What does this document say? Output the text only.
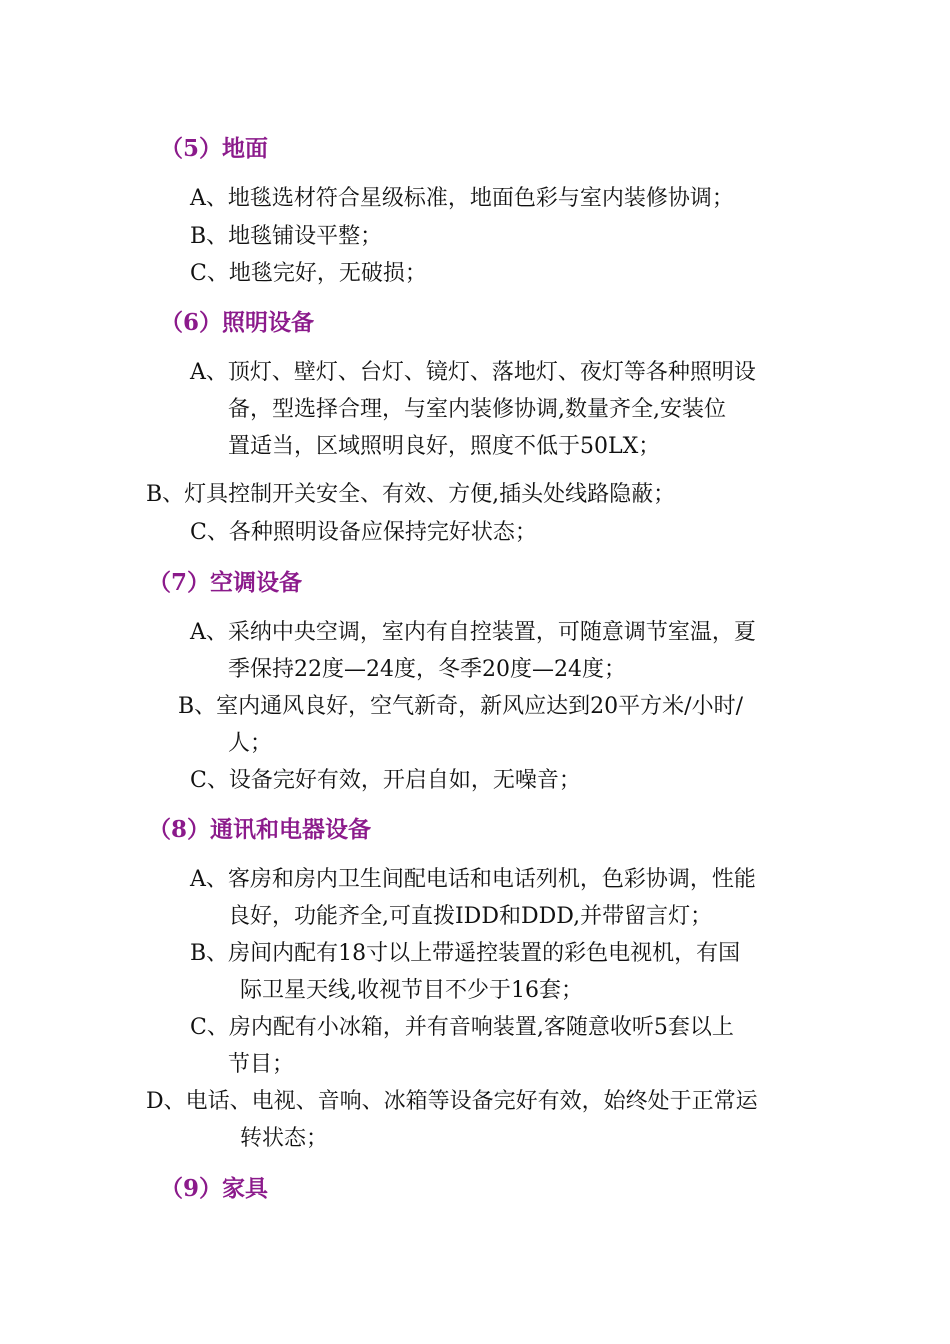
（5）地面

A、地毯选材符合星级标准，地面色彩与室内装修协调；

B、地毯铺设平整；

C、地毯完好，无破损；

（6）照明设备

A、顶灯、壁灯、台灯、镜灯、落地灯、夜灯等各种照明设

备，型选择合理，与室内装修协调,数量齐全,安装位

置适当，区域照明良好，照度不低于50LX；

B、灯具控制开关安全、有效、方便,插头处线路隐蔽；

C、各种照明设备应保持完好状态；

（7）空调设备

A、采纳中央空调，室内有自控装置，可随意调节室温，夏

季保持22度—24度，冬季20度—24度；

B、室内通风良好，空气新奇，新风应达到20平方米/小时/

人；

C、设备完好有效，开启自如，无噪音；

（8）通讯和电器设备

A、客房和房内卫生间配电话和电话列机，色彩协调，性能

良好，功能齐全,可直拨IDD和DDD,并带留言灯；

B、房间内配有18寸以上带遥控装置的彩色电视机，有国

际卫星天线,收视节目不少于16套；

C、房内配有小冰箱，并有音响装置,客随意收听5套以上

节目；

D、电话、电视、音响、冰箱等设备完好有效，始终处于正常运

转状态；

（9）家具
